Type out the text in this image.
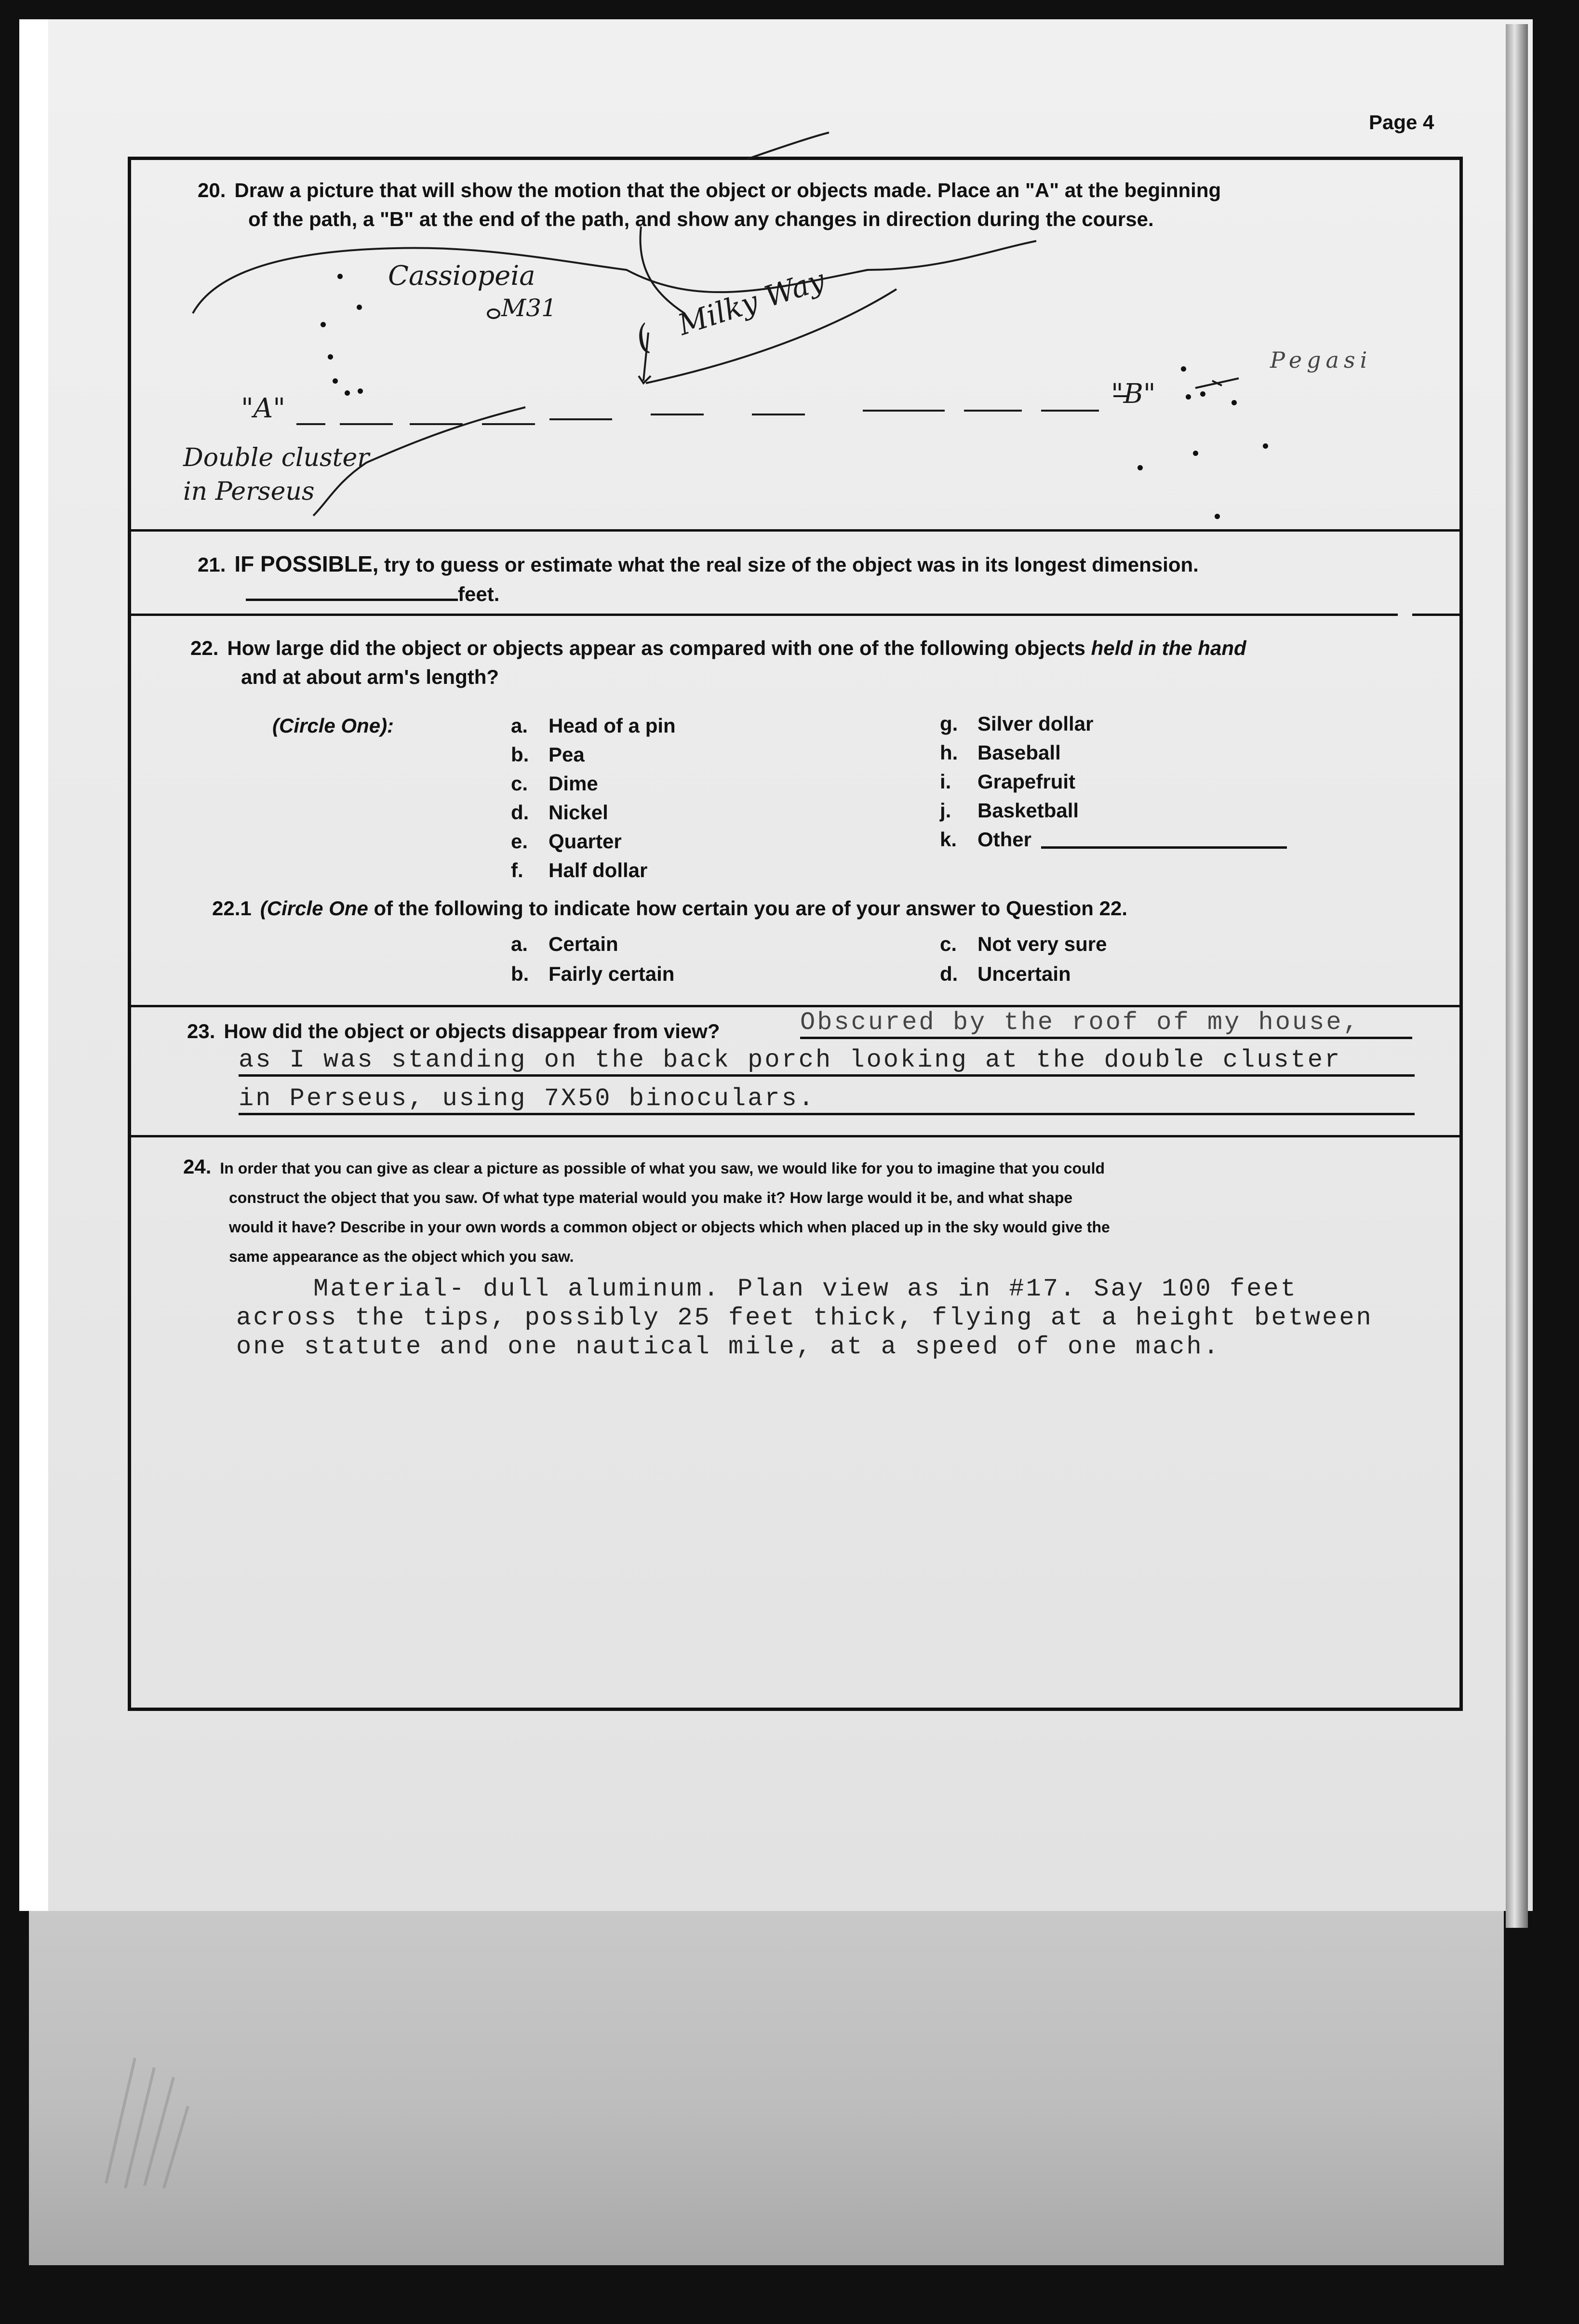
Page 4
20. Draw a picture that will show the motion that the object or objects made. Place an "A" at the beginning
of the path, a "B" at the end of the path, and show any changes in direction during the course.
Cassiopeia
M31
( Milky Way
"A"	"B"
Double cluster
in Perseus
Pegasi
21. IF POSSIBLE, try to guess or estimate what the real size of the object was in its longest dimension.
feet.
22. How large did the object or objects appear as compared with one of the following objects held in the hand
and at about arm's length?
(Circle One):	a. Head of a pin
b. Pea
c. Dime
d. Nickel
e. Quarter
f. Half dollar
g. Silver dollar
h. Baseball
i. Grapefruit
j. Basketball
k. Other
22.1 (Circle One of the following to indicate how certain you are of your answer to Question 22.
a. Certain
b. Fairly certain
c. Not very sure
d. Uncertain
23. How did the object or objects disappear from view?	Obscured by the roof of my house,
as I was standing on the back porch looking at the double cluster
in Perseus, using 7X50 binoculars.
24. In order that you can give as clear a picture as possible of what you saw, we would like for you to imagine that you could
construct the object that you saw. Of what type material would you make it? How large would it be, and what shape
would it have? Describe in your own words a common object or objects which when placed up in the sky would give the
same appearance as the object which you saw.
Material- dull aluminum. Plan view as in #17. Say 100 feet
across the tips, possibly 25 feet thick, flying at a height between
one statute and one nautical mile, at a speed of one mach.
